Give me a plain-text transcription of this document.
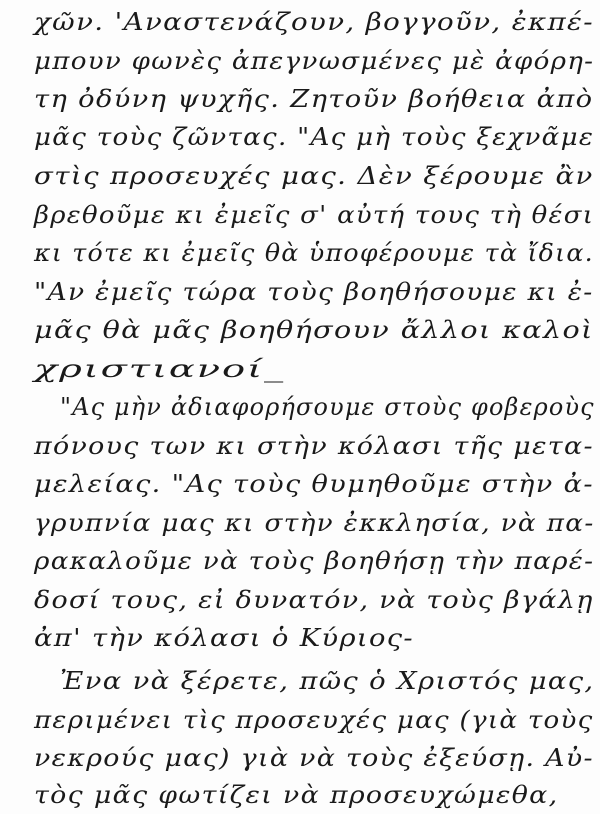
χῶν. 'Αναστενάζουν, βογγοῦν, ἐκπέ-
μπουν φωνὲς ἀπεγνωσμένες μὲ ἀφόρη-
τη ὀδύνη ψυχῆς. Ζητοῦν βοήθεια ἀπὸ
μᾶς τοὺς ζῶντας. "Ας μὴ τοὺς ξεχνᾶμε
στὶς προσευχές μας. Δὲν ξέρουμε ἂν
βρεθοῦμε κι ἐμεῖς σ' αὐτή τους τὴ θέσι
κι τότε κι ἐμεῖς θὰ ὑποφέρουμε τὰ ἴδια.
"Αν ἐμεῖς τώρα τοὺς βοηθήσουμε κι ἐ-
μᾶς θὰ μᾶς βοηθήσουν ἄλλοι καλοὶ
χριστιανοί_
"Ας μὴν ἀδιαφορήσουμε στοὺς φοβεροὺς
πόνους των κι στὴν κόλασι τῆς μετα-
μελείας. "Ας τοὺς θυμηθοῦμε στὴν ἀ-
γρυπνία μας κι στὴν ἐκκλησία, νὰ πα-
ρακαλοῦμε νὰ τοὺς βοηθήσῃ τὴν παρέ-
δοσί τους, εἰ δυνατόν, νὰ τοὺς βγάλῃ
ἀπ' τὴν κόλασι ὁ Κύριος-
Ἐνα νὰ ξέρετε, πῶς ὁ Χριστός μας,
περιμένει τὶς προσευχές μας (γιὰ τοὺς
νεκρούς μας) γιὰ νὰ τοὺς ἐξεύσῃ. Αὐ-
τὸς μᾶς φωτίζει νὰ προσευχώμεθα,
